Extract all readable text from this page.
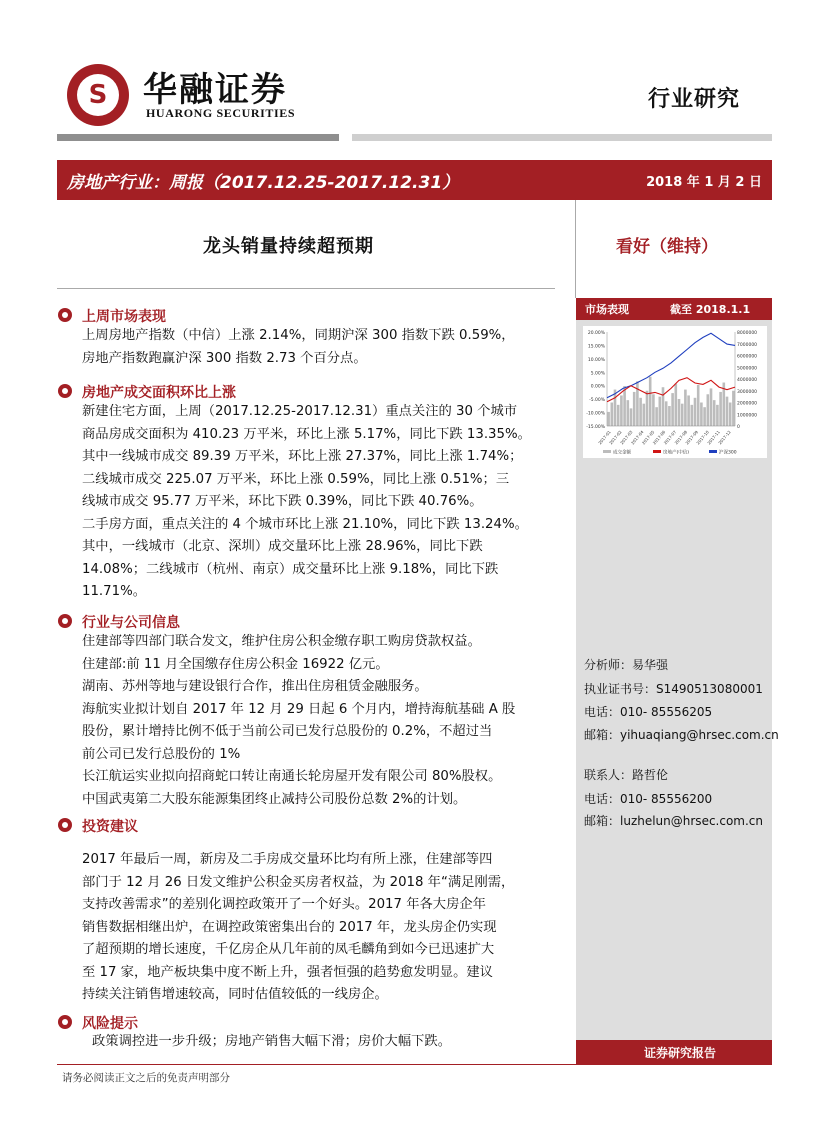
S 华融证券
HUARONG SECURITIES
行业研究
房地产行业：周报（2017.12.25-2017.12.31）	2018 年 1 月 2 日
龙头销量持续超预期	看好（维持）
上周市场表现
上周房地产指数（中信）上涨 2.14%，同期沪深 300 指数下跌 0.59%，
房地产指数跑赢沪深 300 指数 2.73 个百分点。
房地产成交面积环比上涨
新建住宅方面，上周（2017.12.25-2017.12.31）重点关注的 30 个城市
商品房成交面积为 410.23 万平米，环比上涨 5.17%，同比下跌 13.35%。
其中一线城市成交 89.39 万平米，环比上涨 27.37%，同比上涨 1.74%；
二线城市成交 225.07 万平米，环比上涨 0.59%，同比上涨 0.51%；三
线城市成交 95.77 万平米，环比下跌 0.39%，同比下跌 40.76%。
二手房方面，重点关注的 4 个城市环比上涨 21.10%，同比下跌 13.24%。
其中，一线城市（北京、深圳）成交量环比上涨 28.96%，同比下跌
14.08%；二线城市（杭州、南京）成交量环比上涨 9.18%，同比下跌
11.71%。
行业与公司信息
住建部等四部门联合发文，维护住房公积金缴存职工购房贷款权益。
住建部:前 11 月全国缴存住房公积金 16922 亿元。
湖南、苏州等地与建设银行合作，推出住房租赁金融服务。
海航实业拟计划自 2017 年 12 月 29 日起 6 个月内，增持海航基础 A 股
股份，累计增持比例不低于当前公司已发行总股份的 0.2%，不超过当
前公司已发行总股份的 1%
长江航运实业拟向招商蛇口转让南通长轮房屋开发有限公司 80%股权。
中国武夷第二大股东能源集团终止减持公司股份总数 2%的计划。
投资建议
2017 年最后一周，新房及二手房成交量环比均有所上涨，住建部等四
部门于 12 月 26 日发文维护公积金买房者权益，为 2018 年“满足刚需，
支持改善需求”的差别化调控政策开了一个好头。2017 年各大房企年
销售数据相继出炉，在调控政策密集出台的 2017 年，龙头房企仍实现
了超预期的增长速度，千亿房企从几年前的凤毛麟角到如今已迅速扩大
至 17 家，地产板块集中度不断上升，强者恒强的趋势愈发明显。建议
持续关注销售增速较高，同时估值较低的一线房企。
风险提示
政策调控进一步升级；房地产销售大幅下滑；房价大幅下跌。
市场表现	截至 2018.1.1
20.00%
15.00%
10.00%
5.00%
0.00%
-5.00%
-10.00%
-15.00%
8000000
7000000
6000000
5000000
4000000
3000000
2000000
1000000
0
2017-01
2017-02
2017-03
2017-04
2017-05
2017-06
2017-07
2017-08
2017-09
2017-10
2017-11
2017-12
成交金额	房地产(中信)	沪深300
分析师：易华强
执业证书号：S1490513080001
电话：010- 85556205
邮箱：yihuaqiang@hrsec.com.cn
联系人：路哲伦
电话：010- 85556200
邮箱：luzhelun@hrsec.com.cn
证券研究报告
请务必阅读正文之后的免责声明部分
